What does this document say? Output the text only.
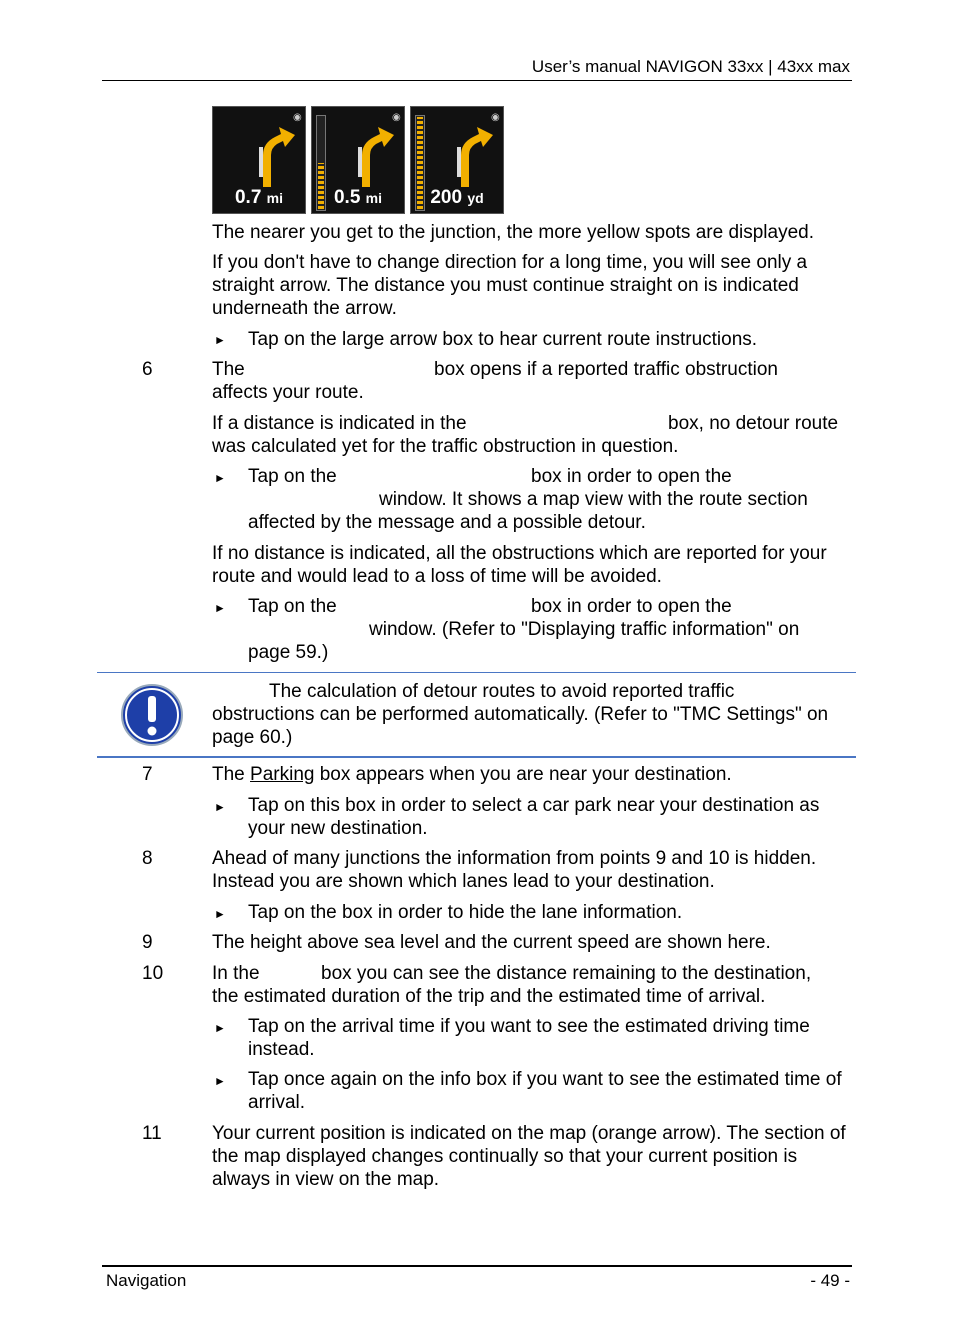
User’s manual NAVIGON 33xx | 43xx max
◉
0.7 mi
◉
0.5 mi
◉
200 yd
The nearer you get to the junction, the more yellow spots are displayed.
If you don't have to change direction for a long time, you will see only a straight arrow. The distance you must continue straight on is indicated underneath the arrow.
► Tap on the large arrow box to hear current route instructions.
6	The	box opens if a reported traffic obstruction
affects your route.
If a distance is indicated in the	box, no detour route
was calculated yet for the traffic obstruction in question.
► Tap on the	box in order to open the
window. It shows a map view with the route section
affected by the message and a possible detour.
If no distance is indicated, all the obstructions which are reported for your route and would lead to a loss of time will be avoided.
► Tap on the	box in order to open the
window. (Refer to "Displaying traffic information" on
page 59.)
The calculation of detour routes to avoid reported traffic
obstructions can be performed automatically. (Refer to "TMC Settings" on page 60.)
7	The Parking box appears when you are near your destination.
► Tap on this box in order to select a car park near your destination as your new destination.
8	Ahead of many junctions the information from points 9 and 10 is hidden. Instead you are shown which lanes lead to your destination.
► Tap on the box in order to hide the lane information.
9	The height above sea level and the current speed are shown here.
10	In the	box you can see the distance remaining to the destination,
the estimated duration of the trip and the estimated time of arrival.
► Tap on the arrival time if you want to see the estimated driving time instead.
► Tap once again on the info box if you want to see the estimated time of arrival.
11	Your current position is indicated on the map (orange arrow). The section of the map displayed changes continually so that your current position is always in view on the map.
Navigation	- 49 -
